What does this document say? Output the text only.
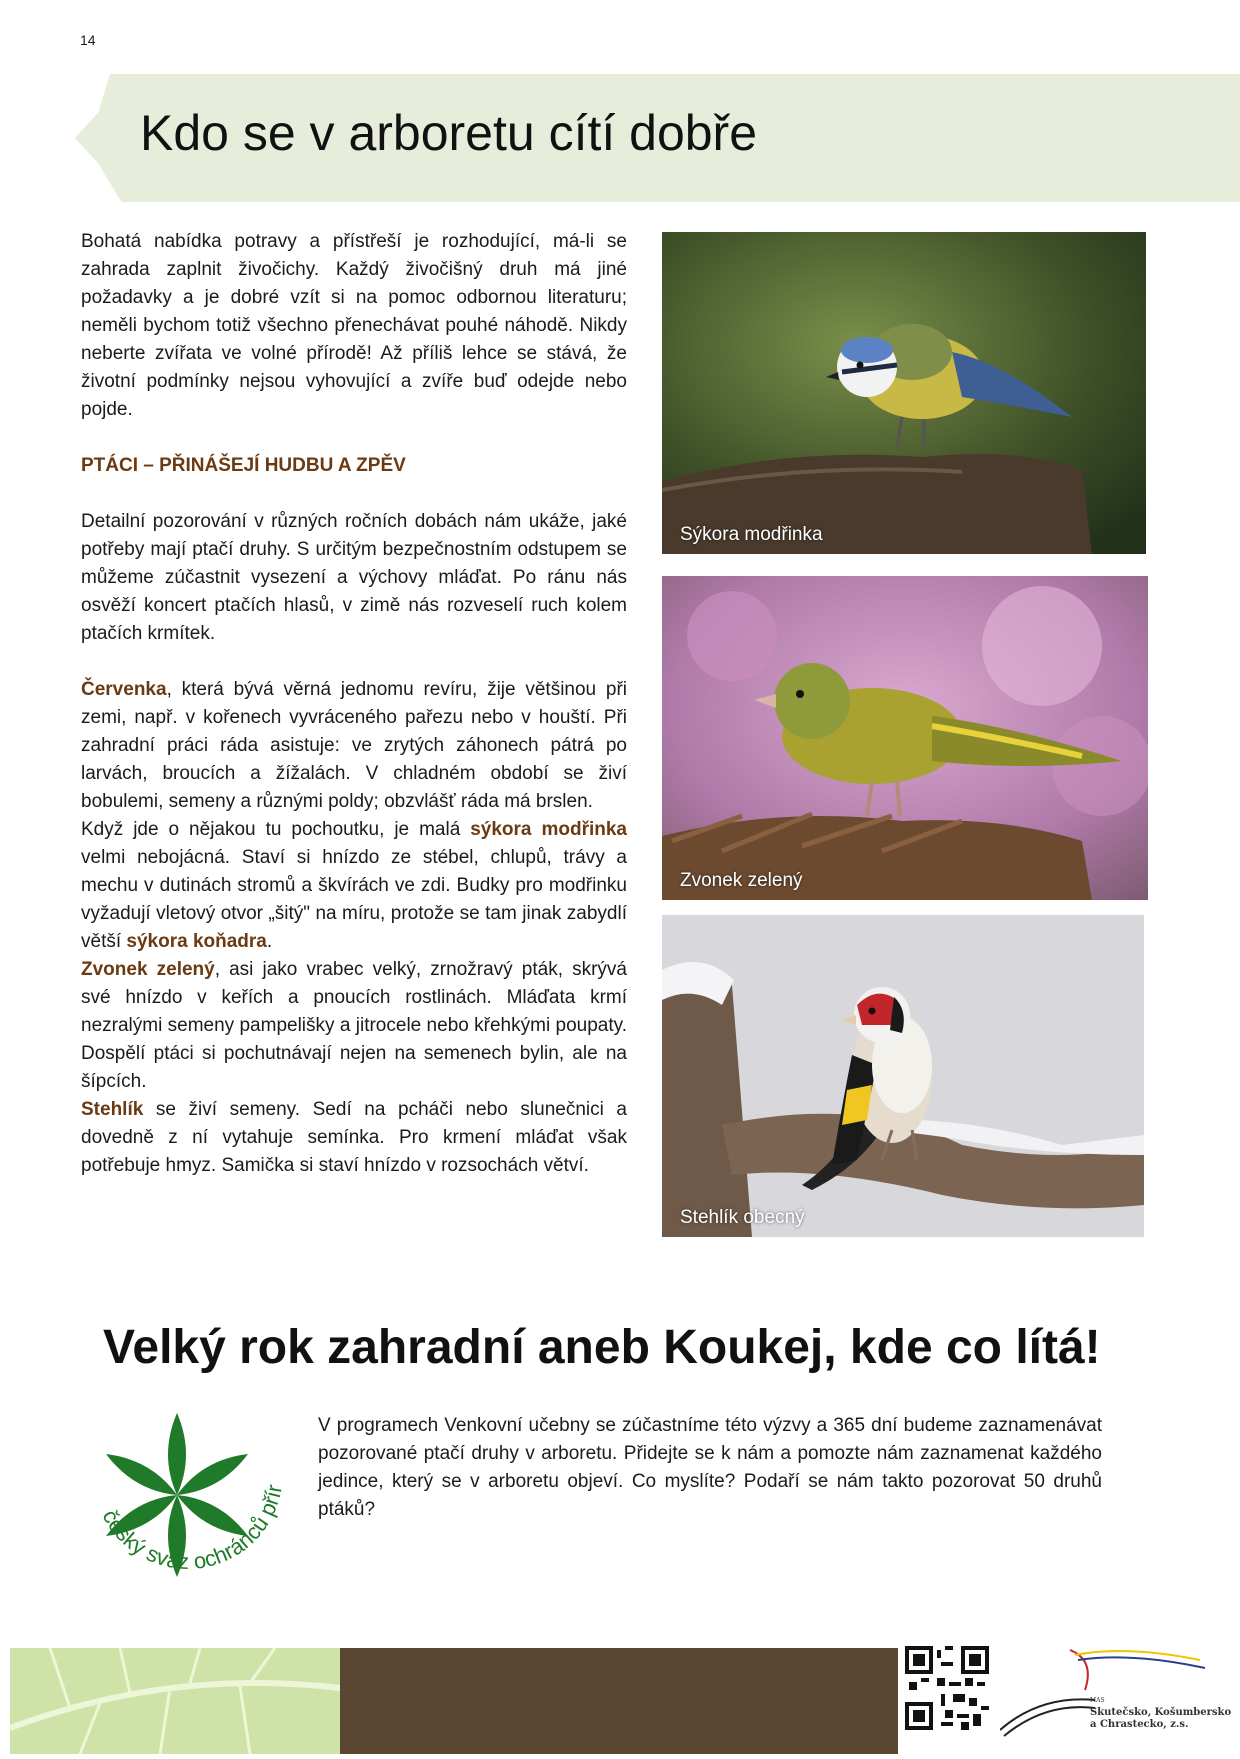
14
Kdo se v arboretu cítí dobře

Bohatá nabídka potravy a přístřeší je rozhodující, má-li se zahrada zaplnit živočichy. Každý živočišný druh má jiné požadavky a je dobré vzít si na pomoc odbornou literaturu; neměli bychom totiž všechno přenechávat pouhé náhodě. Nikdy neberte zvířata ve volné přírodě! Až příliš lehce se stává, že životní podmínky nejsou vyhovující a zvíře buď odejde nebo pojde.

PTÁCI – PŘINÁŠEJÍ HUDBU A ZPĚV

Detailní pozorování v různých ročních dobách nám ukáže, jaké potřeby mají ptačí druhy. S určitým bezpečnostním odstupem se můžeme zúčastnit vysezení a výchovy mláďat. Po ránu nás osvěží koncert ptačích hlasů, v zimě nás rozveselí ruch kolem ptačích krmítek.

Červenka, která bývá věrná jednomu revíru, žije většinou při zemi, např. v kořenech vyvráceného pařezu nebo v houští. Při zahradní práci ráda asistuje: ve zrytých záhonech pátrá po larvách, broucích a žížalách. V chladném období se živí bobulemi, semeny a různými poldy; obzvlášť ráda má brslen.

Když jde o nějakou tu pochoutku, je malá sýkora modřinka velmi nebojácná. Staví si hnízdo ze stébel, chlupů, trávy a mechu v dutinách stromů a škvírách ve zdi. Budky pro modřinku vyžadují vletový otvor „šitý" na míru, protože se tam jinak zabydlí větší sýkora koňadra.

Zvonek zelený, asi jako vrabec velký, zrnožravý pták, skrývá své hnízdo v keřích a pnoucích rostlinách. Mláďata krmí nezralými semeny pampelišky a jitrocele nebo křehkými poupaty. Dospělí ptáci si pochutnávají nejen na semenech bylin, ale na šípcích.

Stehlík se živí semeny. Sedí na pcháči nebo slunečnici a dovedně z ní vytahuje semínka. Pro krmení mláďat však potřebuje hmyz. Samička si staví hnízdo v rozsochách větví.

Sýkora modřinka
Zvonek zelený
Stehlík obecný
Velký rok zahradní aneb Koukej, kde co lítá!
český svaz ochránců přír

V programech Venkovní učebny se zúčastníme této výzvy a 365 dní budeme zaznamenávat pozorované ptačí druhy v arboretu. Přidejte se k nám a pomozte nám zaznamenat každého jedince, který se v arboretu objeví. Co myslíte? Podaří se nám takto pozorovat 50 druhů ptáků?

MAS
Skutečsko, Košumbersko
a Chrastecko, z.s.
